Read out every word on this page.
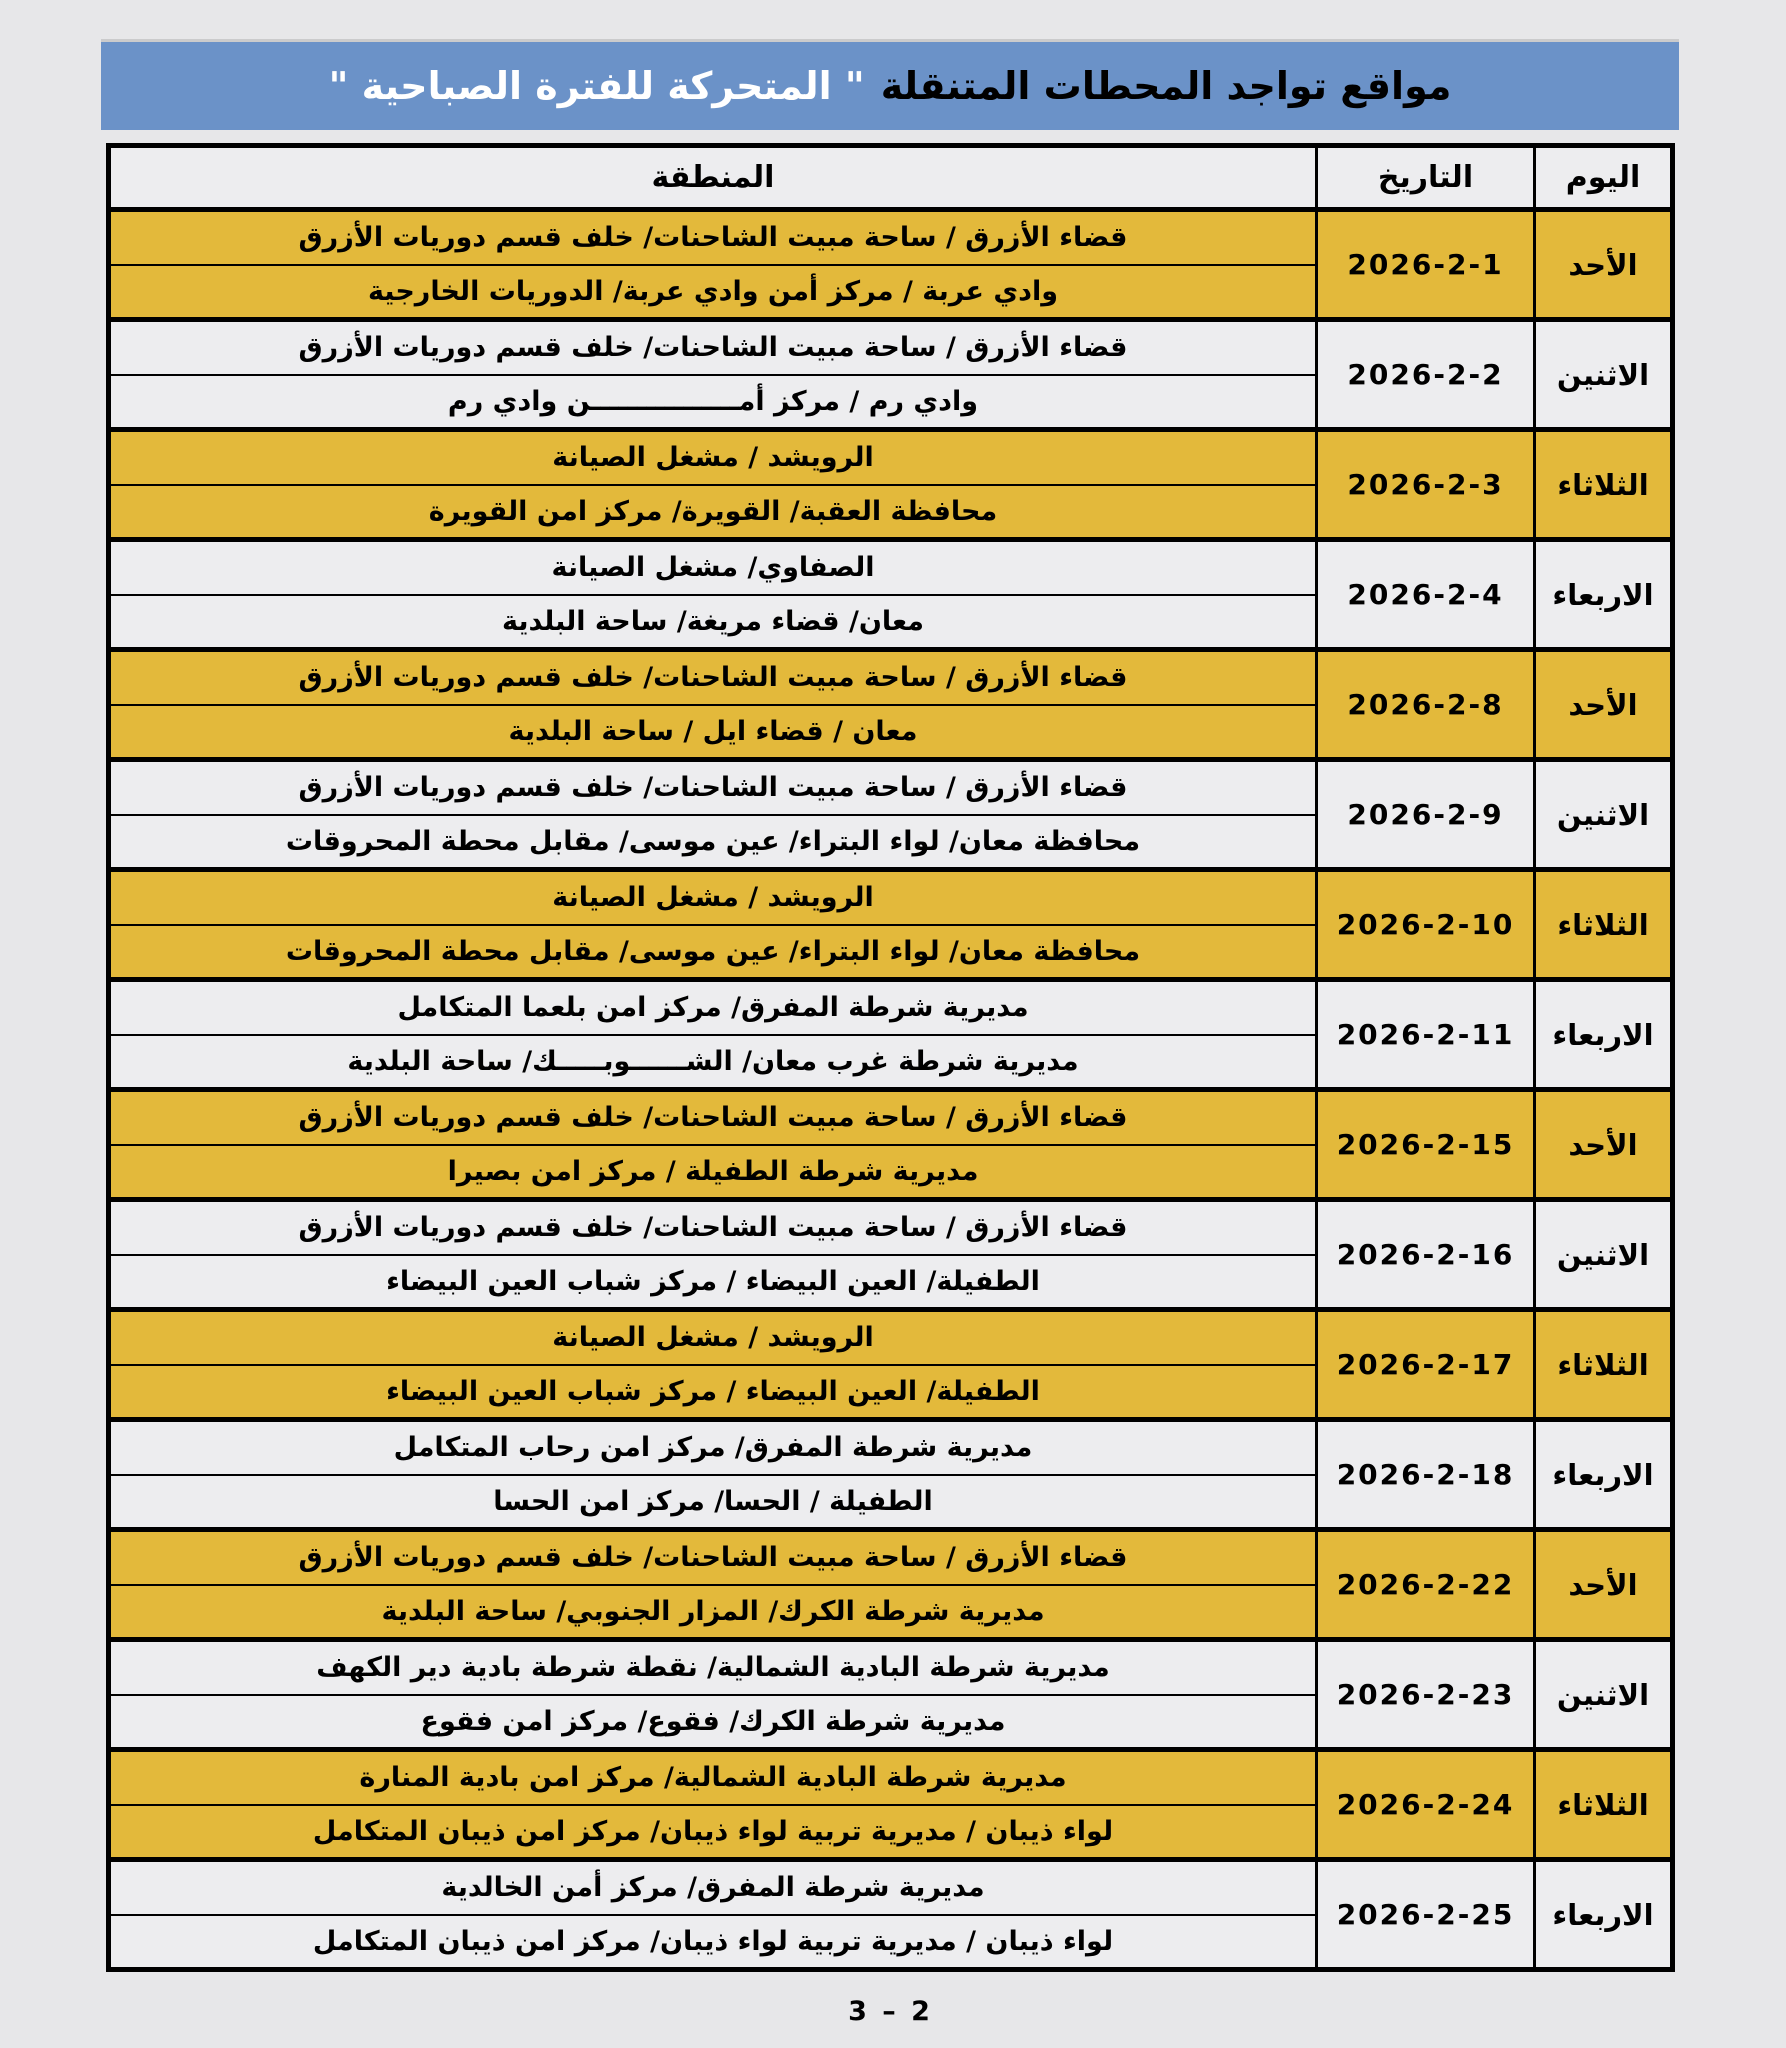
مواقع تواجد المحطات المتنقلة
" المتحركة للفترة الصباحية "
اليوم	التاريخ	المنطقة
الأحد	2026-2-1	قضاء الأزرق / ساحة مبيت الشاحنات/ خلف قسم دوريات الأزرق
		وادي عربة / مركز أمن وادي عربة/ الدوريات الخارجية
الاثنين	2026-2-2	قضاء الأزرق / ساحة مبيت الشاحنات/ خلف قسم دوريات الأزرق
		وادي رم / مركز أمــــــــــــــــن وادي رم
الثلاثاء	2026-2-3	الرويشد / مشغل الصيانة
		محافظة العقبة/ القويرة/ مركز امن القويرة
الاربعاء	2026-2-4	الصفاوي/ مشغل الصيانة
		معان/ قضاء مريغة/ ساحة البلدية
الأحد	2026-2-8	قضاء الأزرق / ساحة مبيت الشاحنات/ خلف قسم دوريات الأزرق
		معان / قضاء ايل / ساحة البلدية
الاثنين	2026-2-9	قضاء الأزرق / ساحة مبيت الشاحنات/ خلف قسم دوريات الأزرق
		محافظة معان/ لواء البتراء/ عين موسى/ مقابل محطة المحروقات
الثلاثاء	2026-2-10	الرويشد / مشغل الصيانة
		محافظة معان/ لواء البتراء/ عين موسى/ مقابل محطة المحروقات
الاربعاء	2026-2-11	مديرية شرطة المفرق/ مركز امن بلعما المتكامل
		مديرية شرطة غرب معان/ الشــــــوبـــــك/ ساحة البلدية
الأحد	2026-2-15	قضاء الأزرق / ساحة مبيت الشاحنات/ خلف قسم دوريات الأزرق
		مديرية شرطة الطفيلة / مركز امن بصيرا
الاثنين	2026-2-16	قضاء الأزرق / ساحة مبيت الشاحنات/ خلف قسم دوريات الأزرق
		الطفيلة/ العين البيضاء / مركز شباب العين البيضاء
الثلاثاء	2026-2-17	الرويشد / مشغل الصيانة
		الطفيلة/ العين البيضاء / مركز شباب العين البيضاء
الاربعاء	2026-2-18	مديرية شرطة المفرق/ مركز امن رحاب المتكامل
		الطفيلة / الحسا/ مركز امن الحسا
الأحد	2026-2-22	قضاء الأزرق / ساحة مبيت الشاحنات/ خلف قسم دوريات الأزرق
		مديرية شرطة الكرك/ المزار الجنوبي/ ساحة البلدية
الاثنين	2026-2-23	مديرية شرطة البادية الشمالية/ نقطة شرطة بادية دير الكهف
		مديرية شرطة الكرك/ فقوع/ مركز امن فقوع
الثلاثاء	2026-2-24	مديرية شرطة البادية الشمالية/ مركز امن بادية المنارة
		لواء ذيبان / مديرية تربية لواء ذيبان/ مركز امن ذيبان المتكامل
الاربعاء	2026-2-25	مديرية شرطة المفرق/ مركز أمن الخالدية
		لواء ذيبان / مديرية تربية لواء ذيبان/ مركز امن ذيبان المتكامل
3 – 2
